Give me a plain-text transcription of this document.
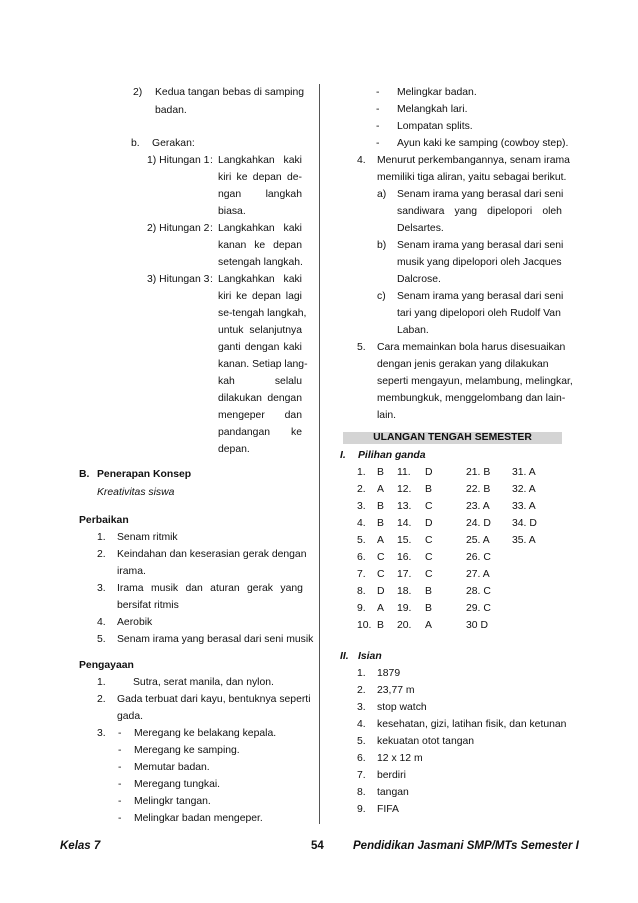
2) Kedua tangan bebas di samping
badan.
b. Gerakan:
1) Hitungan 1 : Langkahkan kaki
kiri ke depan de-
ngan langkah
biasa.
2) Hitungan 2 : Langkahkan kaki
kanan ke depan
setengah langkah.
3) Hitungan 3 : Langkahkan kaki
kiri ke depan lagi
se-tengah langkah,
untuk selanjutnya
ganti dengan kaki
kanan. Setiap lang-
kah	selalu
dilakukan dengan
mengeper dan
pandangan ke
depan.
B. Penerapan Konsep
Kreativitas siswa
Perbaikan
1. Senam ritmik
2. Keindahan dan keserasian gerak dengan
irama.
3. Irama musik dan aturan gerak yang
bersifat ritmis
4. Aerobik
5. Senam irama yang berasal dari seni musik
Pengayaan
1.	Sutra, serat manila, dan nylon.
2. Gada terbuat dari kayu, bentuknya seperti
gada.
3. - Meregang ke belakang kepala.
- Meregang ke samping.
- Memutar badan.
- Meregang tungkai.
- Melingkr tangan.
- Melingkar badan mengeper.
- Melingkar badan.
- Melangkah lari.
- Lompatan splits.
- Ayun kaki ke samping (cowboy step).
4. Menurut perkembangannya, senam irama
memiliki tiga aliran, yaitu sebagai berikut.
a) Senam irama yang berasal dari seni
sandiwara yang dipelopori oleh
Delsartes.
b) Senam irama yang berasal dari seni
musik yang dipelopori oleh Jacques
Dalcrose.
c) Senam irama yang berasal dari seni
tari yang dipelopori oleh Rudolf Van
Laban.
5. Cara memainkan bola harus disesuaikan
dengan jenis gerakan yang dilakukan
seperti mengayun, melambung, melingkar,
membungkuk, menggelombang dan lain-
lain.
ULANGAN TENGAH SEMESTER
I. Pilihan ganda
1. B 11. D	21. B 31. A
2. A 12. B	22. B 32. A
3. B 13. C	23. A 33. A
4. B 14. D	24. D 34. D
5. A 15. C	25. A 35. A
6. C 16. C	26. C
7. C 17. C	27. A
8. D 18. B	28. C
9. A 19. B	29. C
10. B 20. A	30 D
II. Isian
1. 1879
2. 23,77 m
3. stop watch
4. kesehatan, gizi, latihan fisik, dan ketunan
5. kekuatan otot tangan
6. 12 x 12 m
7. berdiri
8. tangan
9. FIFA
Kelas 7	54	Pendidikan Jasmani SMP/MTs Semester I
